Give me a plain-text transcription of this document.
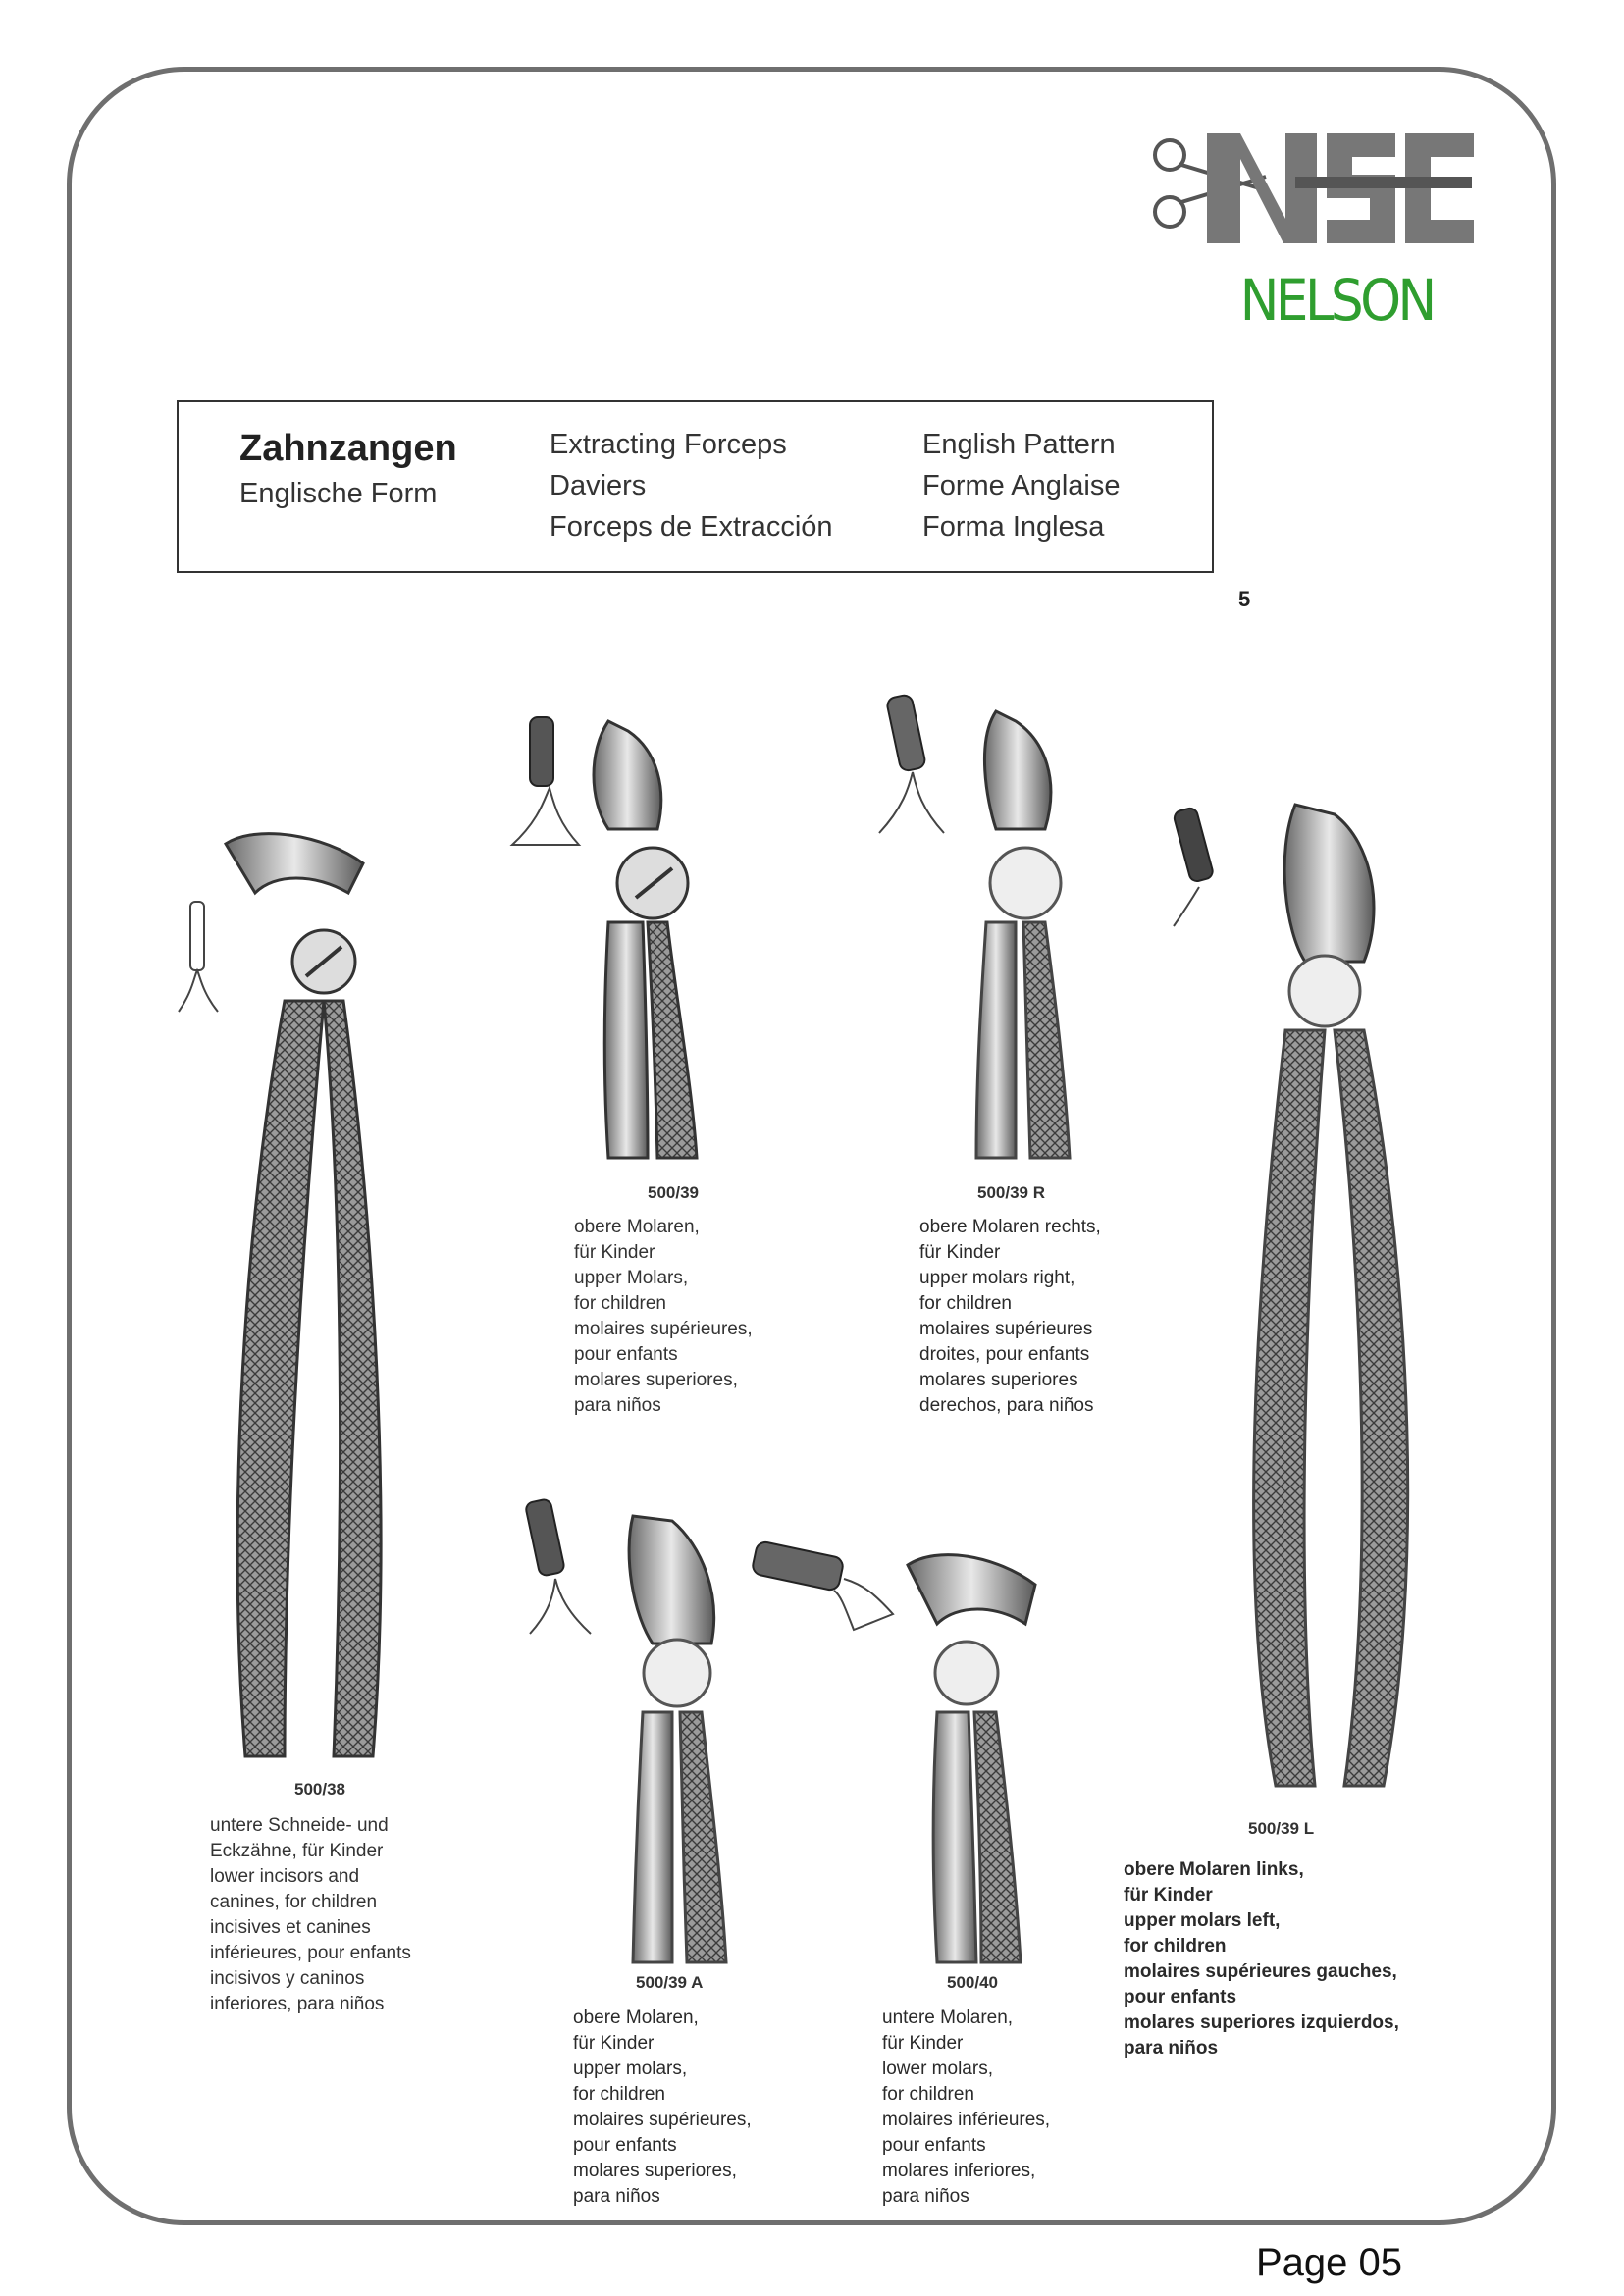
NELSON
Zahnzangen
Englische Form
Extracting Forceps
Daviers
Forceps de Extracción
English Pattern
Forme Anglaise
Forma Inglesa
5
500/38
untere Schneide- und
Eckzähne, für Kinder
lower incisors and
canines, for children
incisives et canines
inférieures, pour enfants
incisivos y caninos
inferiores, para niños
500/39
obere Molaren,
für Kinder
upper Molars,
for children
molaires supérieures,
pour enfants
molares superiores,
para niños
500/39 R
obere Molaren rechts,
für Kinder
upper molars right,
for children
molaires supérieures
droites, pour enfants
molares superiores
derechos, para niños
500/39 L
obere Molaren links,
für Kinder
upper molars left,
for children
molaires supérieures gauches,
pour enfants
molares superiores izquierdos,
para niños
500/39 A
obere Molaren,
für Kinder
upper molars,
for children
molaires supérieures,
pour enfants
molares superiores,
para niños
500/40
untere Molaren,
für Kinder
lower molars,
for children
molaires inférieures,
pour enfants
molares inferiores,
para niños
Page 05
